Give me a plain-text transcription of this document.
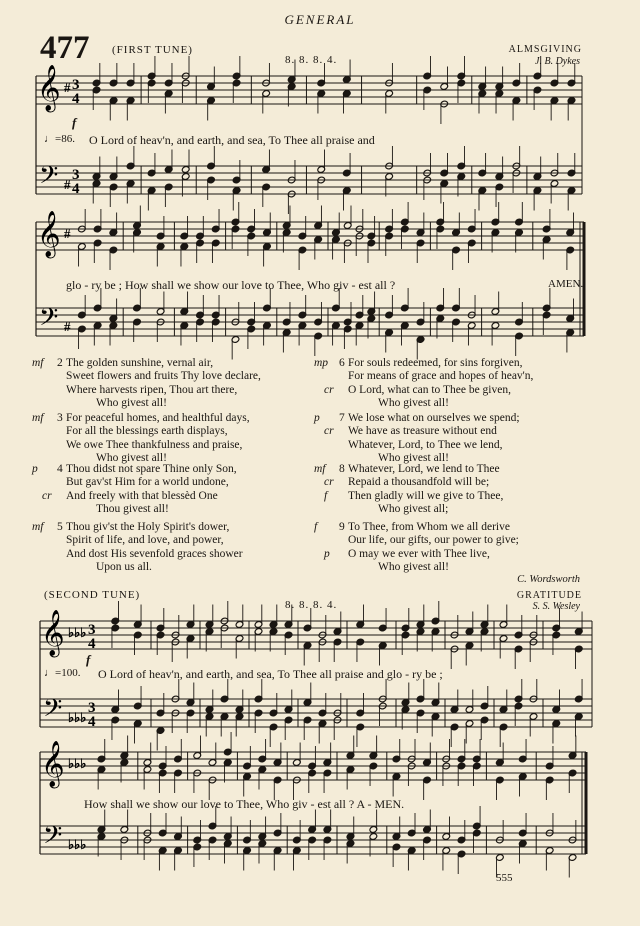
GENERAL
477 (FIRST TUNE)
8. 8. 8. 4.
ALMSGIVING
J. B. Dykes
𝄞
𝄢
#
#
3
4
3
4
𝄞
𝄢
#
#
𝄞
𝄢
♭♭♭
♭♭♭
3
4
3
4
𝄞
𝄢
♭♭♭
♭♭♭
f
♩=86. O Lord of heav'n, and earth, and sea, To Thee all praise and
glo - ry be ; How shall we show our love to Thee, Who giv - est all ?	AMEN.
mf 2 The golden sunshine, vernal air,
Sweet flowers and fruits Thy love declare,
Where harvests ripen, Thou art there,
Who givest all!
mf 3 For peaceful homes, and healthful days,
For all the blessings earth displays,
We owe Thee thankfulness and praise,
Who givest all!
p 4 Thou didst not spare Thine only Son,
But gav'st Him for a world undone,
cr And freely with that blessèd One
Thou givest all!
mf 5 Thou giv'st the Holy Spirit's dower,
Spirit of life, and love, and power,
And dost His sevenfold graces shower
Upon us all.
mp 6 For souls redeemed, for sins forgiven,
For means of grace and hopes of heav'n,
cr O Lord, what can to Thee be given,
Who givest all!
p 7 We lose what on ourselves we spend;
cr We have as treasure without end
Whatever, Lord, to Thee we lend,
Who givest all!
mf 8 Whatever, Lord, we lend to Thee
cr Repaid a thousandfold will be;
f Then gladly will we give to Thee,
Who givest all;
f 9 To Thee, from Whom we all derive
Our life, our gifts, our power to give;
p O may we ever with Thee live,
Who givest all!
C. Wordsworth
(SECOND TUNE)
8. 8. 8. 4.
GRATITUDE
S. S. Wesley
f
♩=100. O Lord of heav'n, and earth, and sea, To Thee all praise and glo - ry be ;
How shall we show our love to Thee, Who giv - est all ? A - MEN.
555
